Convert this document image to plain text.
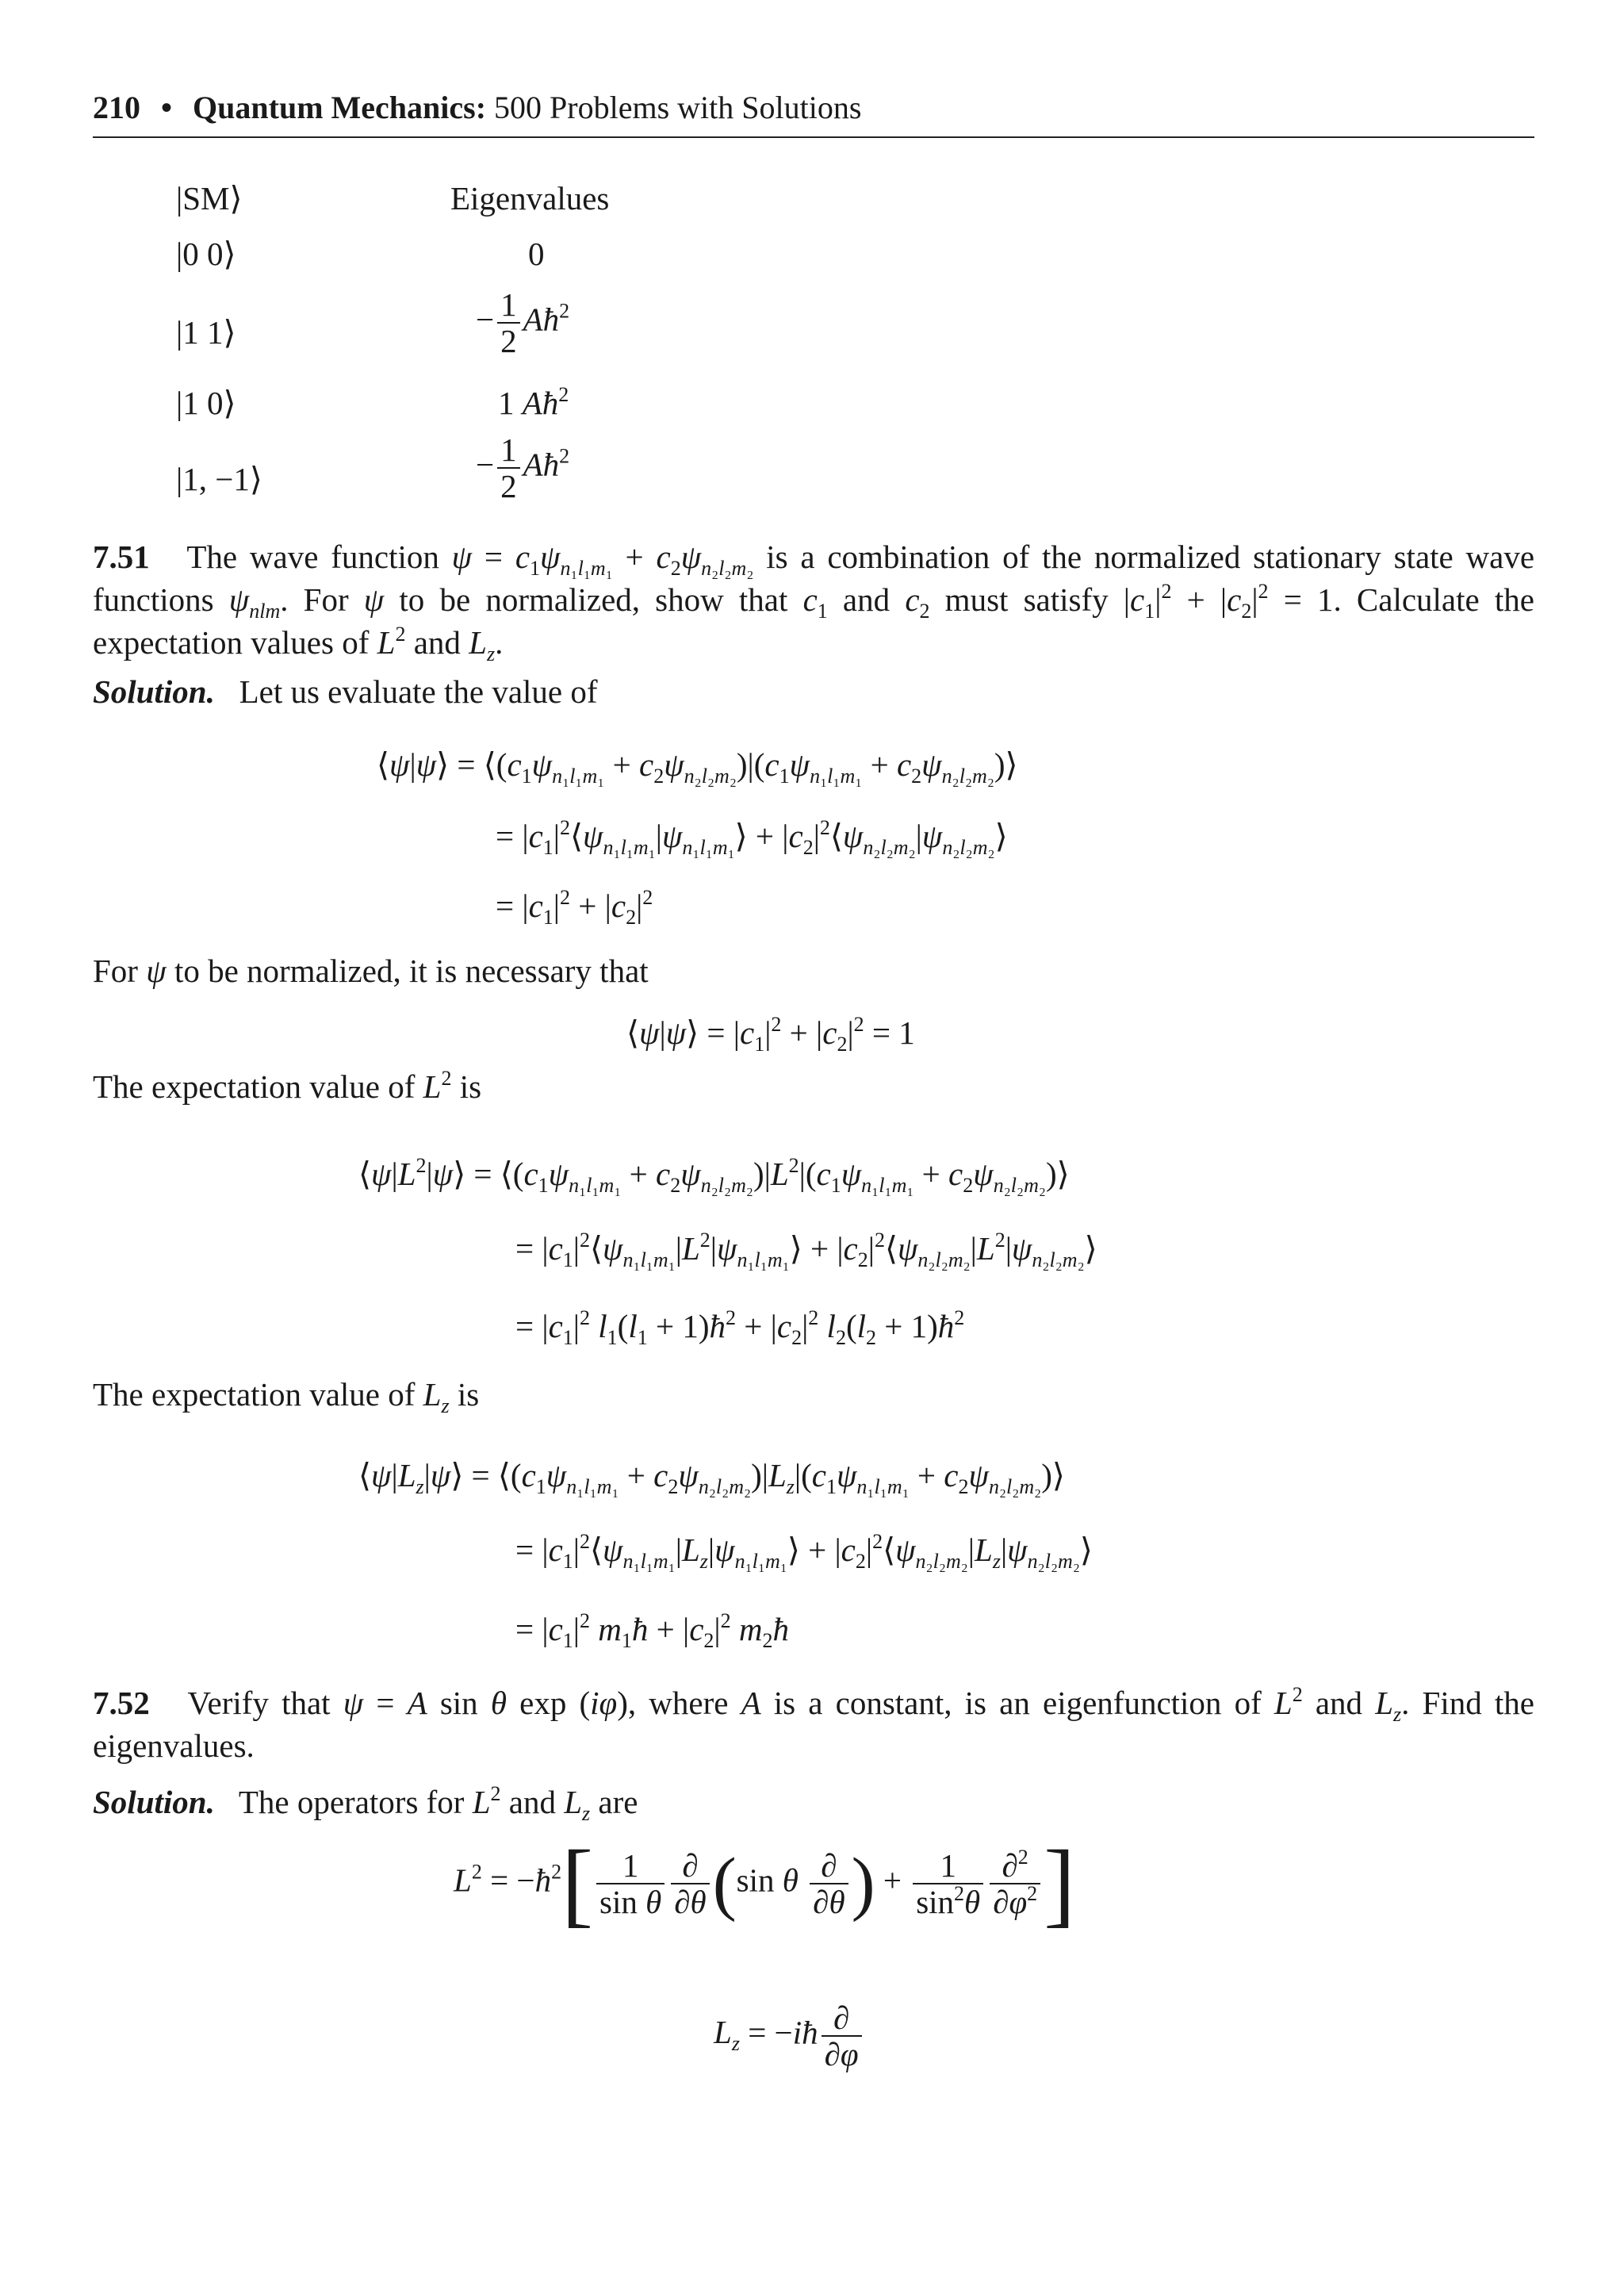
210 • Quantum Mechanics: 500 Problems with Solutions
|SM⟩	Eigenvalues
|0 0⟩	0
|1 1⟩	− $\frac{1}{2}$ $Aħ^2$
|1 0⟩	1 $Aħ^2$
|1, −1⟩	− $\frac{1}{2}$ $Aħ^2$
7.51   The wave function $\psi = c_1\psi_{n_1l_1m_1} + c_2\psi_{n_2l_2m_2}$ is a combination of the normalized stationary state wave functions $\psi_{nlm}$. For ψ to be normalized, show that $c_1$ and $c_2$ must satisfy $|c_1|^2 + |c_2|^2 = 1$. Calculate the expectation values of $L^2$ and $L_z$.
Solution. Let us evaluate the value of
⟨ψ|ψ⟩ = $⟨(c_1\psi_{n_1l_1m_1} + c_2\psi_{n_2l_2m_2})|(c_1\psi_{n_1l_1m_1}$ + $c_2\psi_{n_2l_2m_2})⟩$
= $|c_1|^2⟨\psi_{n_1l_1m_1}|\psi_{n_1l_1m_1}⟩$ + $|c_2|^2⟨\psi_{n_2l_2m_2}|\psi_{n_2l_2m_2}⟩$
= $|c_1|^2 + |c_2|^2$
For ψ to be normalized, it is necessary that
⟨ψ|ψ⟩ = $|c_1|^2 + |c_2|^2 = 1$
The expectation value of $L^2$ is
$⟨\psi|L^2|\psi⟩$ = $⟨(c_1\psi_{n_1l_1m_1} + c_2\psi_{n_2l_2m_2})|L^2|(c_1\psi_{n_1l_1m_1}$ + $c_2\psi_{n_2l_2m_2})⟩$
= $|c_1|^2⟨\psi_{n_1l_1m_1}|L^2|\psi_{n_1l_1m_1}⟩$ + $|c_2|^2⟨\psi_{n_2l_2m_2}|L^2|\psi_{n_2l_2m_2}⟩$
= $|c_1|^2$ $l_1(l_1$ + $1)ħ^2 + |c_2|^2$ $l_2(l_2$ + $1)ħ^2$
The expectation value of $L_z$ is
$⟨\psi|L_z|\psi⟩$ = $⟨(c_1\psi_{n_1l_1m_1} + c_2\psi_{n_2l_2m_2})|L_z|(c_1\psi_{n_1l_1m_1}$ + $c_2\psi_{n_2l_2m_2})⟩$
= $|c_1|^2⟨\psi_{n_1l_1m_1}|L_z|\psi_{n_1l_1m_1}⟩$ + $|c_2|^2⟨\psi_{n_2l_2m_2}|L_z|\psi_{n_2l_2m_2}⟩$
= $|c_1|^2$ $m_1ħ + |c_2|^2$ $m_2ħ$
7.52   Verify that ψ = A sin θ exp (iφ), where A is a constant, is an eigenfunction of $L^2$ and $L_z$. Find the eigenvalues.
Solution.   The operators for $L^2$ and $L_z$ are
$L^2$ = $-ħ^2[ \frac{1}{\text{sin θ}} \frac{\partial}{\partial\theta} (\sin$ θ $\frac{\partial}{\partial\theta}$ ) + $\frac{1}{\sin^2\theta} \frac{\partial^2}{\partial\varphi^2}$ ]
$L_z$ = −iħ $\frac{\partial}{\partial\varphi}$
